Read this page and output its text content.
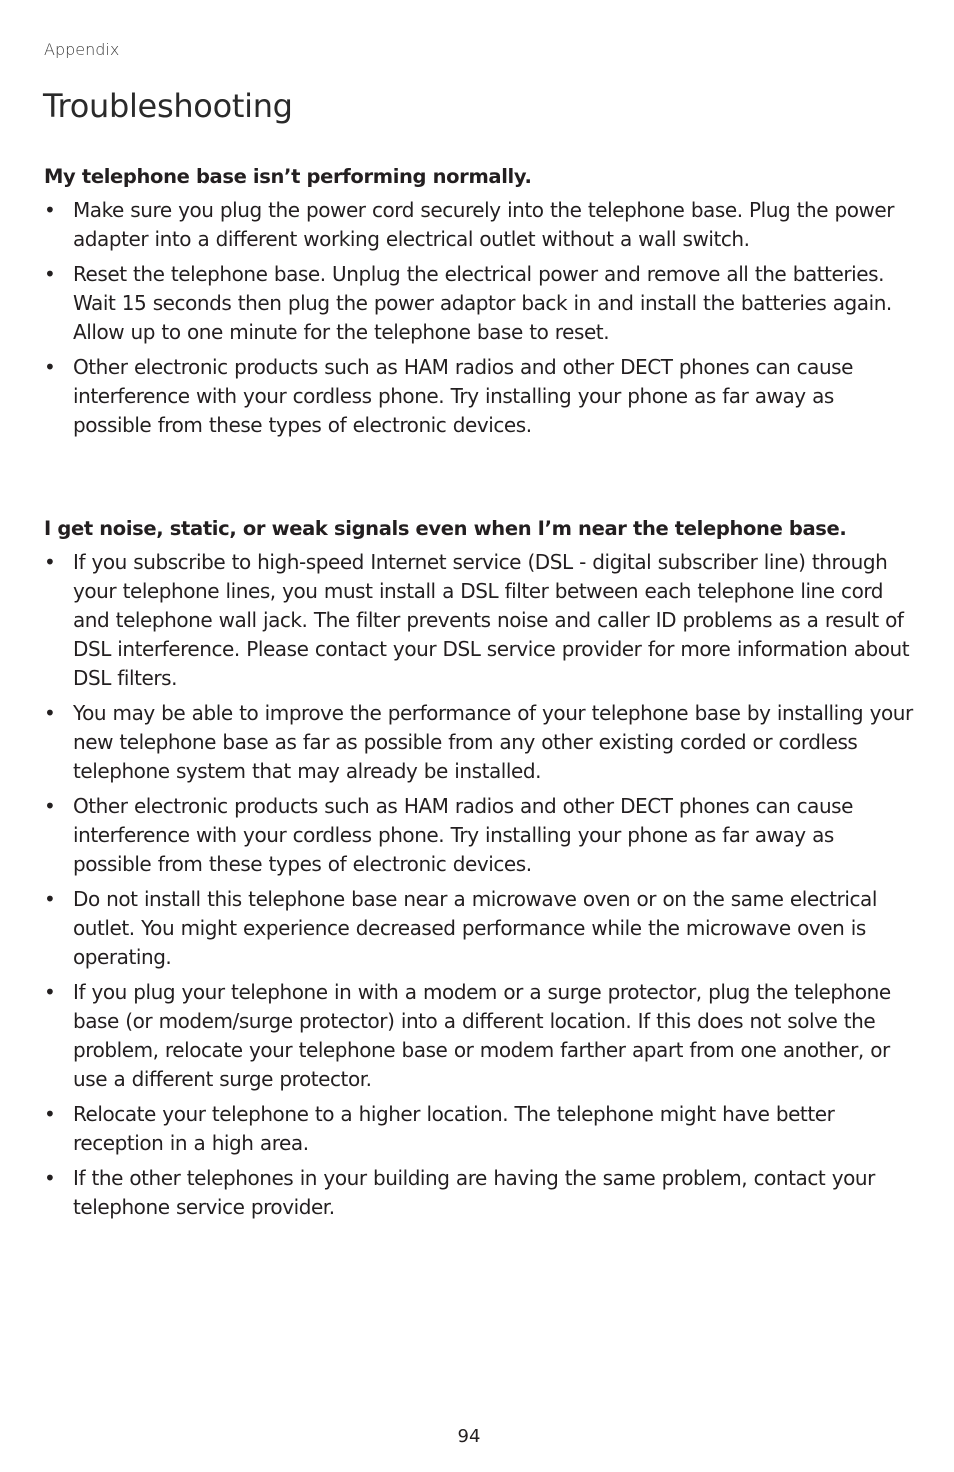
Appendix
Troubleshooting
My telephone base isn’t performing normally.
• Make sure you plug the power cord securely into the telephone base. Plug the power adapter into a different working electrical outlet without a wall switch.
• Reset the telephone base. Unplug the electrical power and remove all the batteries. Wait 15 seconds then plug the power adaptor back in and install the batteries again. Allow up to one minute for the telephone base to reset.
• Other electronic products such as HAM radios and other DECT phones can cause interference with your cordless phone. Try installing your phone as far away as possible from these types of electronic devices.
I get noise, static, or weak signals even when I’m near the telephone base.
• If you subscribe to high-speed Internet service (DSL - digital subscriber line) through your telephone lines, you must install a DSL filter between each telephone line cord and telephone wall jack. The filter prevents noise and caller ID problems as a result of DSL interference. Please contact your DSL service provider for more information about DSL filters.
• You may be able to improve the performance of your telephone base by installing your new telephone base as far as possible from any other existing corded or cordless telephone system that may already be installed.
• Other electronic products such as HAM radios and other DECT phones can cause interference with your cordless phone. Try installing your phone as far away as possible from these types of electronic devices.
• Do not install this telephone base near a microwave oven or on the same electrical outlet. You might experience decreased performance while the microwave oven is operating.
• If you plug your telephone in with a modem or a surge protector, plug the telephone base (or modem/surge protector) into a different location. If this does not solve the problem, relocate your telephone base or modem farther apart from one another, or use a different surge protector.
• Relocate your telephone to a higher location. The telephone might have better reception in a high area.
• If the other telephones in your building are having the same problem, contact your telephone service provider.
94
